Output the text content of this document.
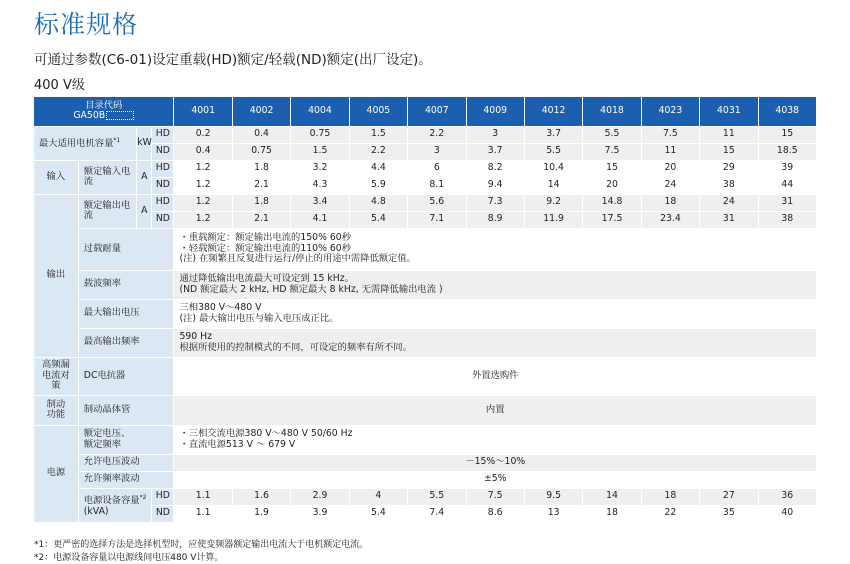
标准规格
可通过参数(C6-01)设定重载(HD)额定/轻载(ND)额定(出厂设定)。
400 V级
目录代码
GA50B				4001	4002	4004	4005	4007	4009	4012	4018	4023	4031	4038
最大适用电机容量$^{*1}$		kW	HD	0.2	0.4	0.75	1.5	2.2	3	3.7	5.5	7.5	11	15
			ND	0.4	0.75	1.5	2.2	3	3.7	5.5	7.5	11	15	18.5
输入	额定输入电流	A	HD	1.2	1.8	3.2	4.4	6	8.2	10.4	15	20	29	39
			ND	1.2	2.1	4.3	5.9	8.1	9.4	14	20	24	38	44
输出	额定输出电流	A	HD	1.2	1.8	3.4	4.8	5.6	7.3	9.2	14.8	18	24	31
			ND	1.2	2.1	4.1	5.4	7.1	8.9	11.9	17.5	23.4	31	38
	过载耐量			・重载额定：额定输出电流的150% 60秒
・轻载额定：额定输出电流的110% 60秒
(注) 在频繁且反复进行运行/停止的用途中需降低额定值。										

	载波频率			通过降低输出电流最大可设定到 15 kHz。
(ND 额定最大 2 kHz, HD 额定最大 8 kHz, 无需降低输出电流 )										

	最大输出电压			三相380 V～480 V
(注) 最大输出电压与输入电压成正比。										

	最高输出频率			590 Hz
根据所使用的控制模式的不同，可设定的频率有所不同。										

高频漏电流对策	DC电抗器			外置选购件										
制动功能	制动晶体管			内置										
电源	额定电压、额定频率			・三相交流电源380 V～480 V 50/60 Hz
・直流电源513 V ～ 679 V										

	允许电压波动			－15%～10%										
	允许频率波动			±5%										

	电源设备容量$^{*2}$
(kVA)		HD	1.1	1.6	2.9	4	5.5	7.5	9.5	14	18	27	36
			ND	1.1	1.9	3.9	5.4	7.4	8.6	13	18	22	35	40
*1：更严密的选择方法是选择机型时，应使变频器额定输出电流大于电机额定电流。
*2：电源设备容量以电源线间电压480 V计算。
